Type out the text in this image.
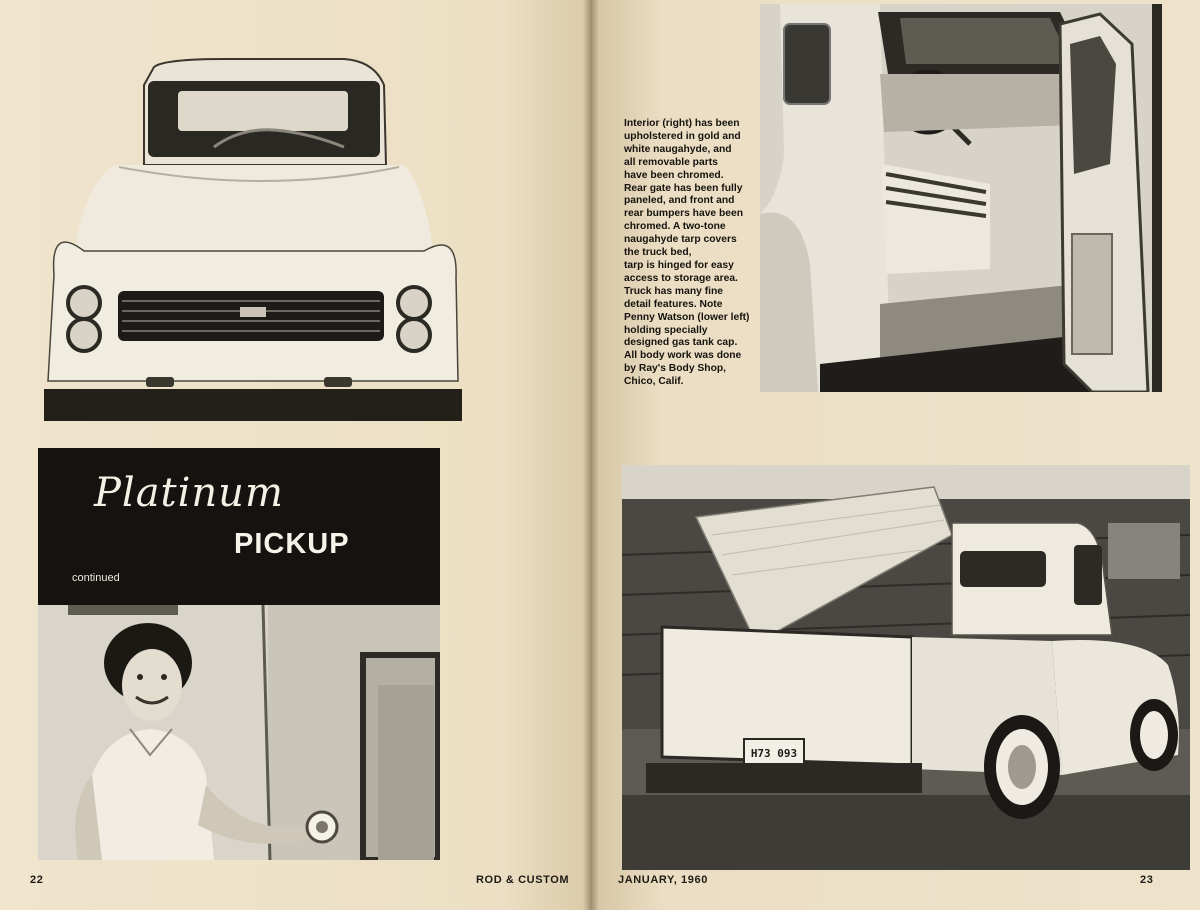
Platinum
PICKUP
continued
Interior (right) has been
upholstered in gold and
white naugahyde, and
all removable parts
have been chromed.
Rear gate has been fully
paneled, and front and
rear bumpers have been
chromed. A two-tone
naugahyde tarp covers
the truck bed,
tarp is hinged for easy
access to storage area.
Truck has many fine
detail features. Note
Penny Watson (lower left)
holding specially
designed gas tank cap.
All body work was done
by Ray's Body Shop,
Chico, Calif.
H73 093
22	ROD & CUSTOM	JANUARY, 1960	23
